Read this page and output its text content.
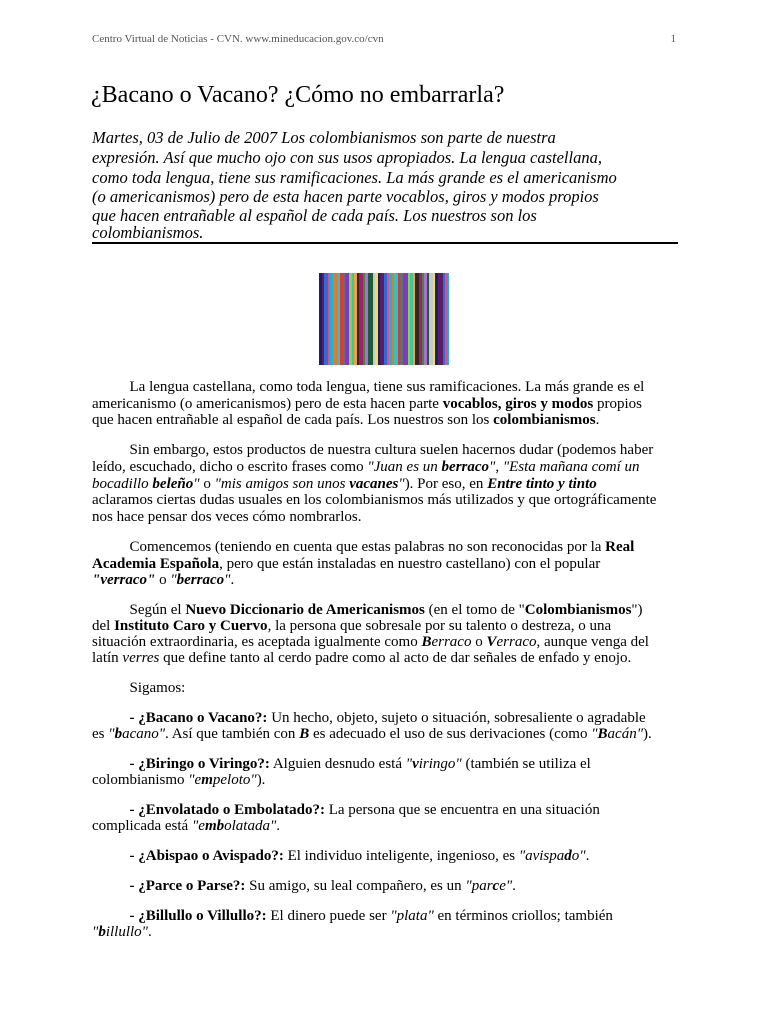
Centro Virtual de Noticias - CVN. www.mineducacion.gov.co/cvn	1
¿Bacano o Vacano? ¿Cómo no embarrarla?
Martes, 03 de Julio de 2007 Los colombianismos son parte de nuestra
expresión. Así que mucho ojo con sus usos apropiados. La lengua castellana,
como toda lengua, tiene sus ramificaciones. La más grande es el americanismo
(o americanismos) pero de esta hacen parte vocablos, giros y modos propios
que hacen entrañable al español de cada país. Los nuestros son los
colombianismos.
La lengua castellana, como toda lengua, tiene sus ramificaciones. La más grande es el
americanismo (o americanismos) pero de esta hacen parte vocablos, giros y modos propios
que hacen entrañable al español de cada país. Los nuestros son los colombianismos.
Sin embargo, estos productos de nuestra cultura suelen hacernos dudar (podemos haber
leído, escuchado, dicho o escrito frases como "Juan es un berraco", "Esta mañana comí un
bocadillo beleño" o "mis amigos son unos vacanes"). Por eso, en Entre tinto y tinto
aclaramos ciertas dudas usuales en los colombianismos más utilizados y que ortográficamente
nos hace pensar dos veces cómo nombrarlos.
Comencemos (teniendo en cuenta que estas palabras no son reconocidas por la Real
Academia Española, pero que están instaladas en nuestro castellano) con el popular
"verraco" o "berraco".
Según el Nuevo Diccionario de Americanismos (en el tomo de "Colombianismos")
del Instituto Caro y Cuervo, la persona que sobresale por su talento o destreza, o una
situación extraordinaria, es aceptada igualmente como Berraco o Verraco, aunque venga del
latín verres que define tanto al cerdo padre como al acto de dar señales de enfado y enojo.
Sigamos:
- ¿Bacano o Vacano?: Un hecho, objeto, sujeto o situación, sobresaliente o agradable
es "bacano". Así que también con B es adecuado el uso de sus derivaciones (como "Bacán").
- ¿Biringo o Viringo?: Alguien desnudo está "viringo" (también se utiliza el
colombianismo "empeloto").
- ¿Envolatado o Embolatado?: La persona que se encuentra en una situación
complicada está "embolatada".
- ¿Abispao o Avispado?: El individuo inteligente, ingenioso, es "avispado".
- ¿Parce o Parse?: Su amigo, su leal compañero, es un "parce".
- ¿Billullo o Villullo?: El dinero puede ser "plata" en términos criollos; también
"billullo".
